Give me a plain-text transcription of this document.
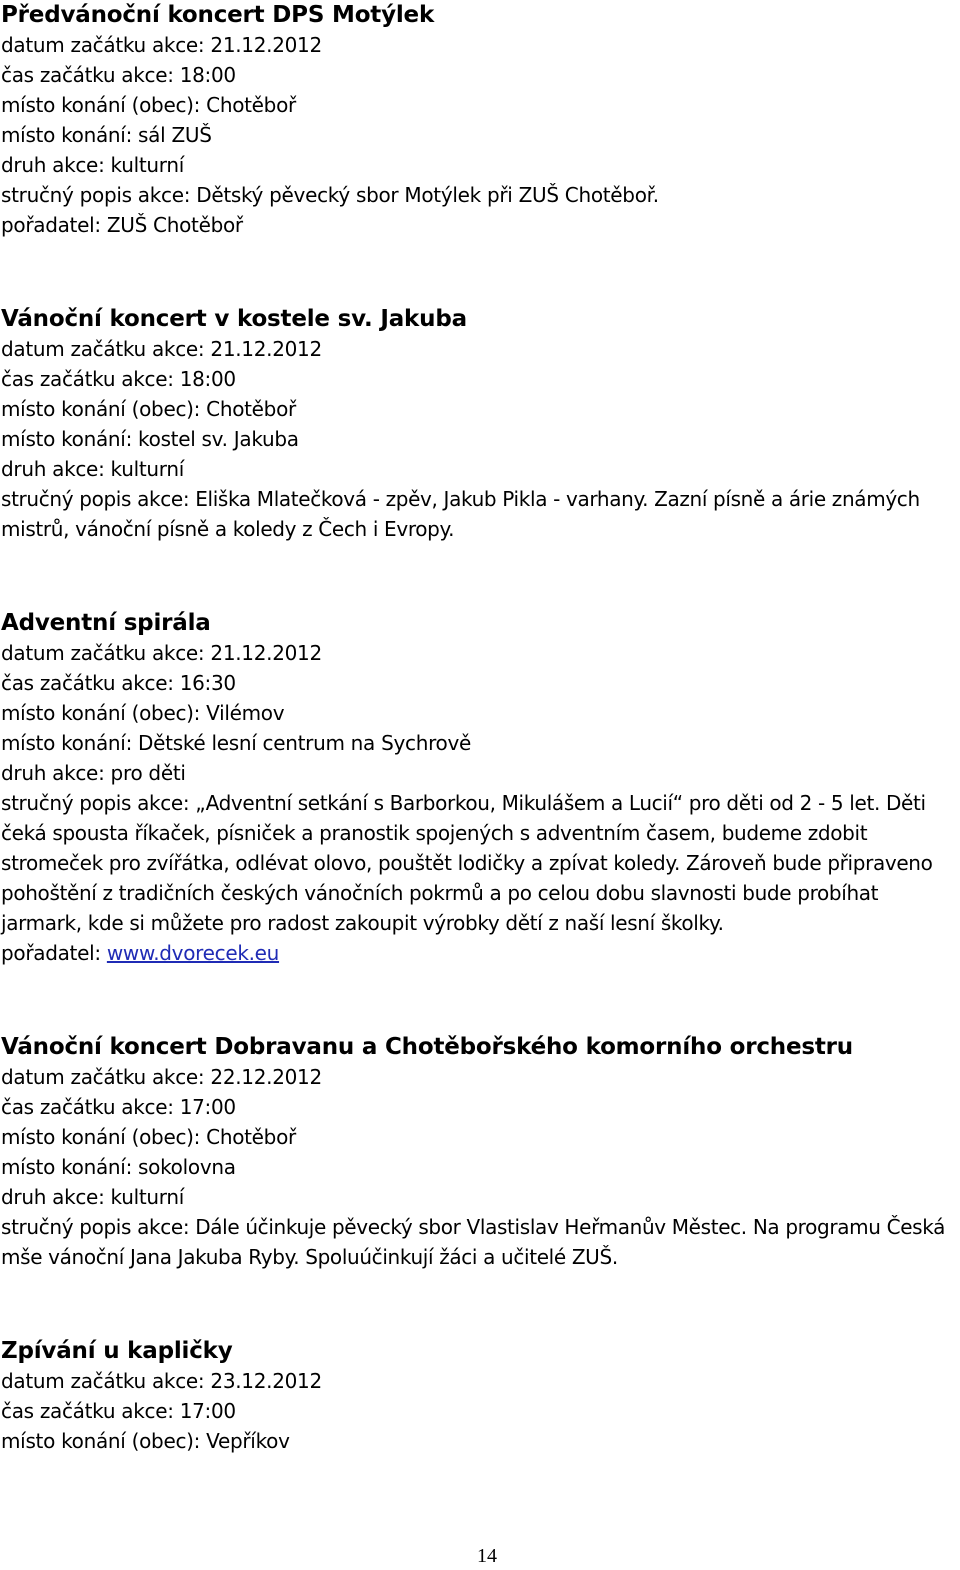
Předvánoční koncert DPS Motýlek
datum začátku akce: 21.12.2012
čas začátku akce: 18:00
místo konání (obec): Chotěboř
místo konání: sál ZUŠ
druh akce: kulturní
stručný popis akce: Dětský pěvecký sbor Motýlek při ZUŠ Chotěboř.
pořadatel: ZUŠ Chotěboř
Vánoční koncert v kostele sv. Jakuba
datum začátku akce: 21.12.2012
čas začátku akce: 18:00
místo konání (obec): Chotěboř
místo konání: kostel sv. Jakuba
druh akce: kulturní
stručný popis akce: Eliška Mlatečková - zpěv, Jakub Pikla - varhany. Zazní písně a árie známých mistrů, vánoční písně a koledy z Čech i Evropy.
Adventní spirála
datum začátku akce: 21.12.2012
čas začátku akce: 16:30
místo konání (obec): Vilémov
místo konání: Dětské lesní centrum na Sychrově
druh akce: pro děti
stručný popis akce: „Adventní setkání s Barborkou, Mikulášem a Lucií“ pro děti od 2 - 5 let. Děti čeká spousta říkaček, písniček a pranostik spojených s adventním časem, budeme zdobit stromeček pro zvířátka, odlévat olovo, pouštět lodičky a zpívat koledy. Zároveň bude připraveno pohoštění z tradičních českých vánočních pokrmů a po celou dobu slavnosti bude probíhat jarmark, kde si můžete pro radost zakoupit výrobky dětí z naší lesní školky.
pořadatel: www.dvorecek.eu
Vánoční koncert Dobravanu a Chotěbořského komorního orchestru
datum začátku akce: 22.12.2012
čas začátku akce: 17:00
místo konání (obec): Chotěboř
místo konání: sokolovna
druh akce: kulturní
stručný popis akce: Dále účinkuje pěvecký sbor Vlastislav Heřmanův Městec. Na programu Česká mše vánoční Jana Jakuba Ryby. Spoluúčinkují žáci a učitelé ZUŠ.
Zpívání u kapličky
datum začátku akce: 23.12.2012
čas začátku akce: 17:00
místo konání (obec): Vepříkov
14
